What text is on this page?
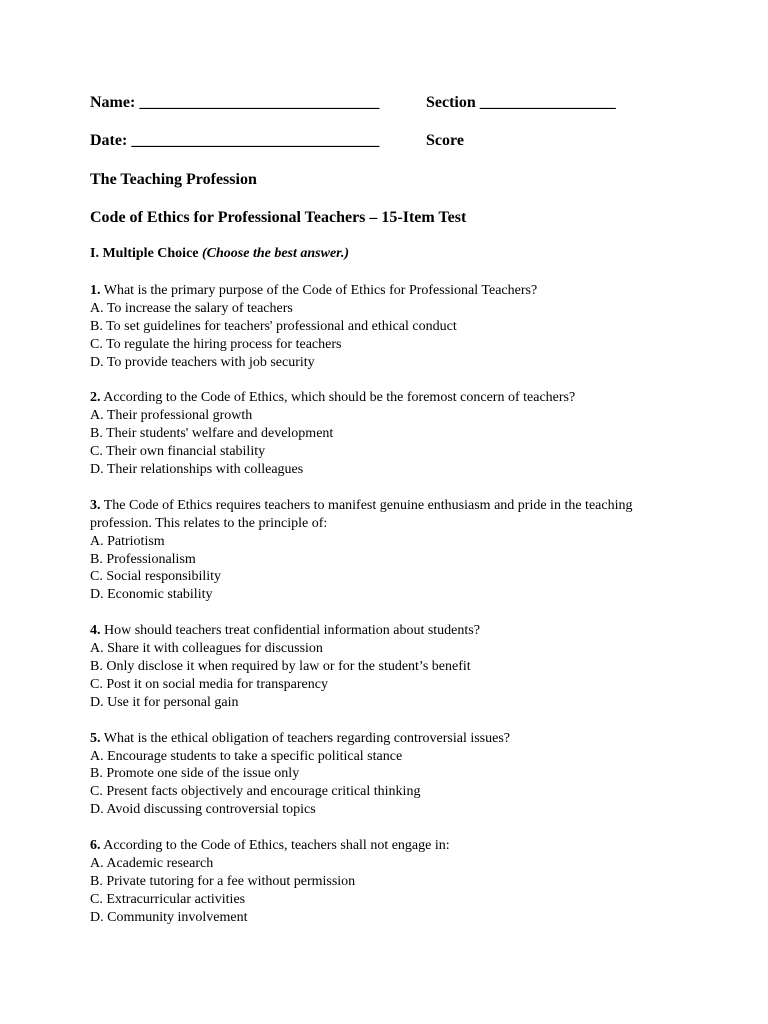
Name: ______________________________	Section _________________
Date: _______________________________	Score
The Teaching Profession
Code of Ethics for Professional Teachers – 15-Item Test
I. Multiple Choice (Choose the best answer.)
1. What is the primary purpose of the Code of Ethics for Professional Teachers?
A. To increase the salary of teachers
B. To set guidelines for teachers' professional and ethical conduct
C. To regulate the hiring process for teachers
D. To provide teachers with job security
2. According to the Code of Ethics, which should be the foremost concern of teachers?
A. Their professional growth
B. Their students' welfare and development
C. Their own financial stability
D. Their relationships with colleagues
3. The Code of Ethics requires teachers to manifest genuine enthusiasm and pride in the teaching profession. This relates to the principle of:
A. Patriotism
B. Professionalism
C. Social responsibility
D. Economic stability
4. How should teachers treat confidential information about students?
A. Share it with colleagues for discussion
B. Only disclose it when required by law or for the student’s benefit
C. Post it on social media for transparency
D. Use it for personal gain
5. What is the ethical obligation of teachers regarding controversial issues?
A. Encourage students to take a specific political stance
B. Promote one side of the issue only
C. Present facts objectively and encourage critical thinking
D. Avoid discussing controversial topics
6. According to the Code of Ethics, teachers shall not engage in:
A. Academic research
B. Private tutoring for a fee without permission
C. Extracurricular activities
D. Community involvement
